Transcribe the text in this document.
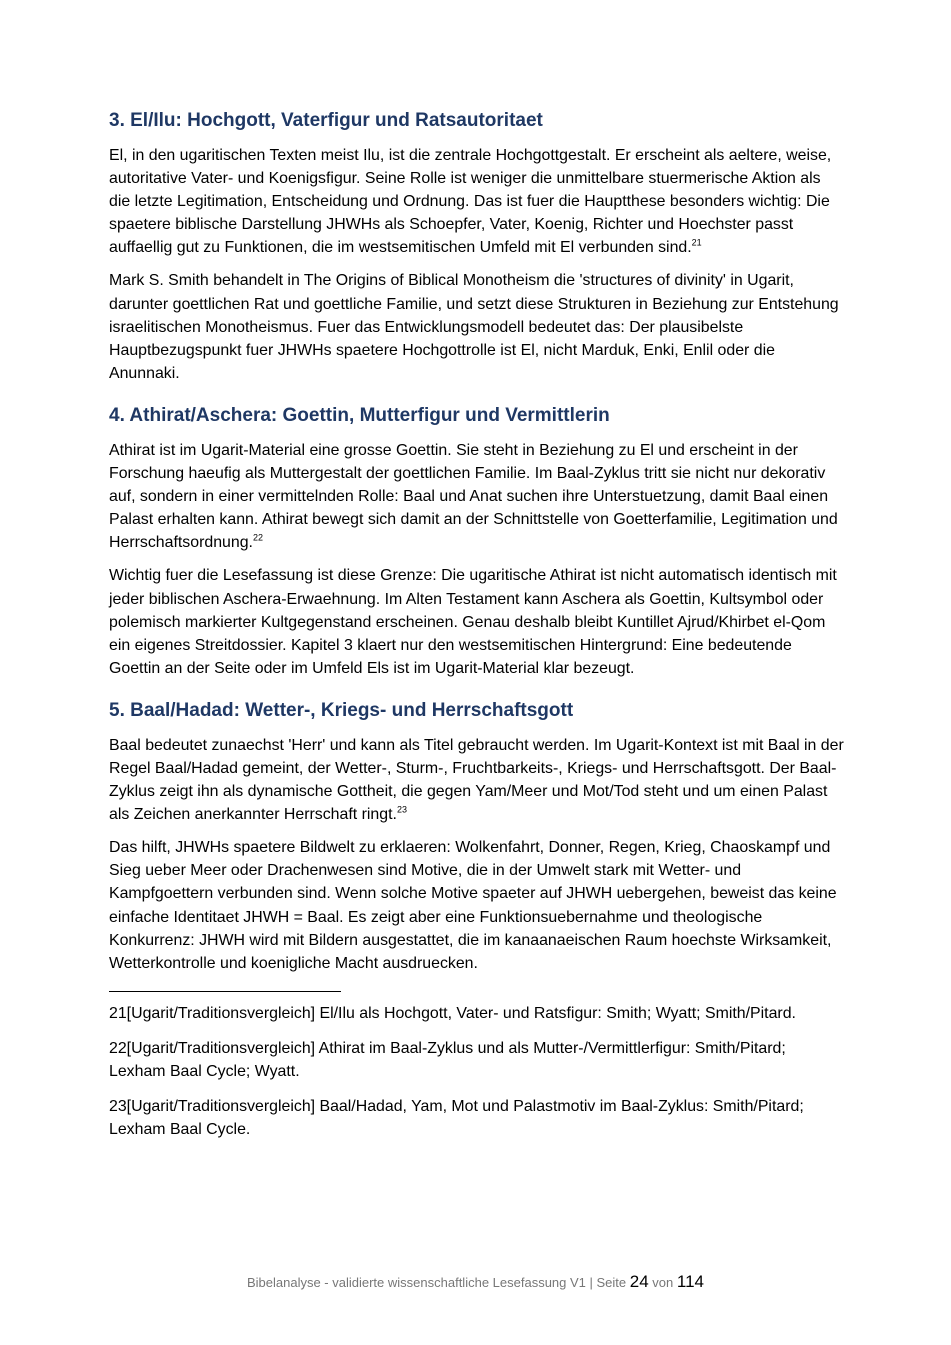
3. El/Ilu: Hochgott, Vaterfigur und Ratsautoritaet

El, in den ugaritischen Texten meist Ilu, ist die zentrale Hochgottgestalt. Er erscheint als aeltere, weise, autoritative Vater- und Koenigsfigur. Seine Rolle ist weniger die unmittelbare stuermerische Aktion als die letzte Legitimation, Entscheidung und Ordnung. Das ist fuer die Hauptthese besonders wichtig: Die spaetere biblische Darstellung JHWHs als Schoepfer, Vater, Koenig, Richter und Hoechster passt auffaellig gut zu Funktionen, die im westsemitischen Umfeld mit El verbunden sind.$^{21}$

Mark S. Smith behandelt in The Origins of Biblical Monotheism die 'structures of divinity' in Ugarit, darunter goettlichen Rat und goettliche Familie, und setzt diese Strukturen in Beziehung zur Entstehung israelitischen Monotheismus. Fuer das Entwicklungsmodell bedeutet das: Der plausibelste Hauptbezugspunkt fuer JHWHs spaetere Hochgottrolle ist El, nicht Marduk, Enki, Enlil oder die Anunnaki.

4. Athirat/Aschera: Goettin, Mutterfigur und Vermittlerin

Athirat ist im Ugarit-Material eine grosse Goettin. Sie steht in Beziehung zu El und erscheint in der Forschung haeufig als Muttergestalt der goettlichen Familie. Im Baal-Zyklus tritt sie nicht nur dekorativ auf, sondern in einer vermittelnden Rolle: Baal und Anat suchen ihre Unterstuetzung, damit Baal einen Palast erhalten kann. Athirat bewegt sich damit an der Schnittstelle von Goetterfamilie, Legitimation und Herrschaftsordnung.$^{22}$

Wichtig fuer die Lesefassung ist diese Grenze: Die ugaritische Athirat ist nicht automatisch identisch mit jeder biblischen Aschera-Erwaehnung. Im Alten Testament kann Aschera als Goettin, Kultsymbol oder polemisch markierter Kultgegenstand erscheinen. Genau deshalb bleibt Kuntillet Ajrud/Khirbet el-Qom ein eigenes Streitdossier. Kapitel 3 klaert nur den westsemitischen Hintergrund: Eine bedeutende Goettin an der Seite oder im Umfeld Els ist im Ugarit-Material klar bezeugt.

5. Baal/Hadad: Wetter-, Kriegs- und Herrschaftsgott

Baal bedeutet zunaechst 'Herr' und kann als Titel gebraucht werden. Im Ugarit-Kontext ist mit Baal in der Regel Baal/Hadad gemeint, der Wetter-, Sturm-, Fruchtbarkeits-, Kriegs- und Herrschaftsgott. Der Baal-Zyklus zeigt ihn als dynamische Gottheit, die gegen Yam/Meer und Mot/Tod steht und um einen Palast als Zeichen anerkannter Herrschaft ringt.$^{23}$

Das hilft, JHWHs spaetere Bildwelt zu erklaeren: Wolkenfahrt, Donner, Regen, Krieg, Chaoskampf und Sieg ueber Meer oder Drachenwesen sind Motive, die in der Umwelt stark mit Wetter- und Kampfgoettern verbunden sind. Wenn solche Motive spaeter auf JHWH uebergehen, beweist das keine einfache Identitaet JHWH = Baal. Es zeigt aber eine Funktionsuebernahme und theologische Konkurrenz: JHWH wird mit Bildern ausgestattet, die im kanaanaeischen Raum hoechste Wirksamkeit, Wetterkontrolle und koenigliche Macht ausdruecken.

21[Ugarit/Traditionsvergleich] El/Ilu als Hochgott, Vater- und Ratsfigur: Smith; Wyatt; Smith/Pitard.

22[Ugarit/Traditionsvergleich] Athirat im Baal-Zyklus und als Mutter-/Vermittlerfigur: Smith/Pitard; Lexham Baal Cycle; Wyatt.

23[Ugarit/Traditionsvergleich] Baal/Hadad, Yam, Mot und Palastmotiv im Baal-Zyklus: Smith/Pitard; Lexham Baal Cycle.

Bibelanalyse - validierte wissenschaftliche Lesefassung V1 | Seite 24 von 114
